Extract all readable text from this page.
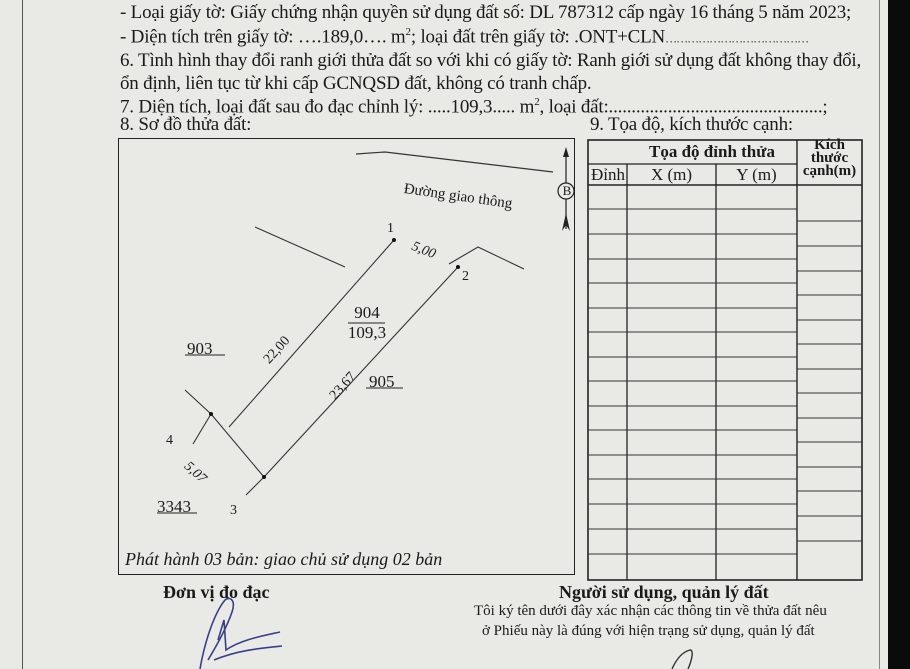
- Loại giấy tờ: Giấy chứng nhận quyền sử dụng đất số: DL 787312 cấp ngày 16 tháng 5 năm 2023;
- Diện tích trên giấy tờ: ….189,0…. $m^2$; loại đất trên giấy tờ: .ONT+CLN…………………………………
6. Tình hình thay đổi ranh giới thửa đất so với khi có giấy tờ: Ranh giới sử dụng đất không thay đổi,
ổn định, liên tục từ khi cấp GCNQSD đất, không có tranh chấp.
7. Diện tích, loại đất sau đo đạc chỉnh lý: .....109,3..... $m^2$, loại đất:...............................................;
8. Sơ đồ thửa đất:	9. Tọa độ, kích thước cạnh:
B
Đường giao thông
1
2
3
4
5,00
22,00
23,67
5,07
904
109,3
903
905
3343
Phát hành 03 bản: giao chủ sử dụng 02 bản
Tọa độ đỉnh thửa	Kích
thước
cạnh(m)
Đỉnh	X (m)	Y (m)
Đơn vị đo đạc	Người sử dụng, quản lý đất
Tôi ký tên dưới đây xác nhận các thông tin về thửa đất nêu
ở Phiếu này là đúng với hiện trạng sử dụng, quản lý đất
